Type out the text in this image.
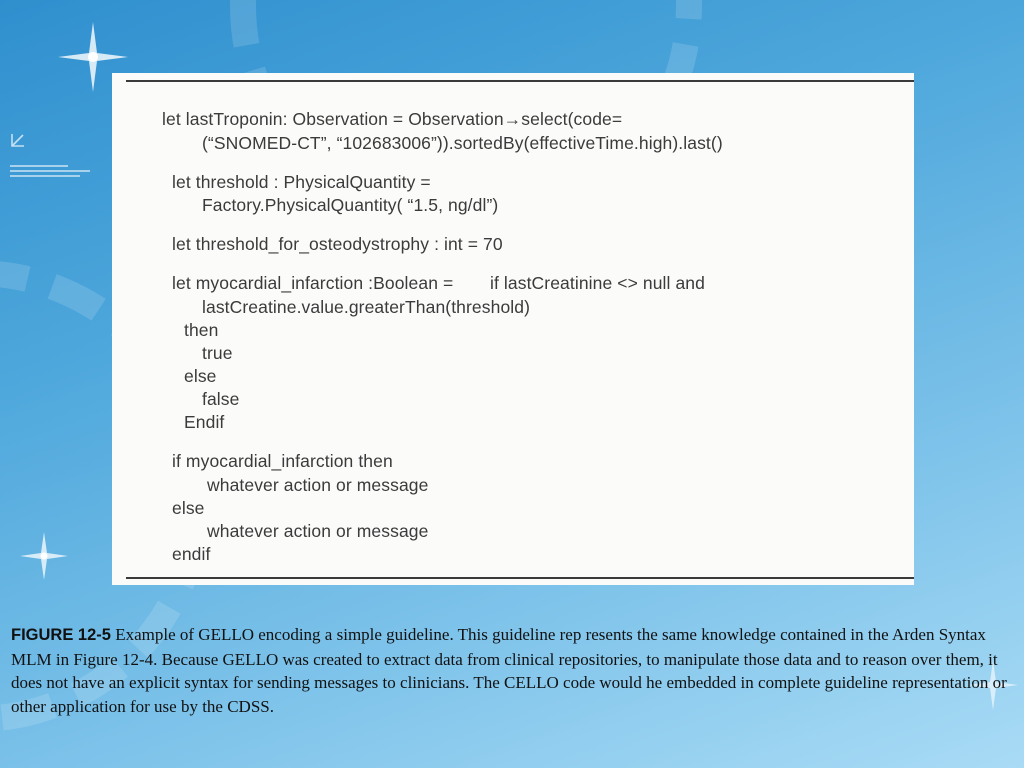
let lastTroponin: Observation = Observation→select(code=
(“SNOMED-CT”, “102683006”)).sortedBy(effectiveTime.high).last()
let threshold : PhysicalQuantity =
Factory.PhysicalQuantity( “1.5, ng/dl”)
let threshold_for_osteodystrophy : int = 70
let myocardial_infarction :Boolean = if lastCreatinine <> null and
lastCreatine.value.greaterThan(threshold)
then
true
else
false
Endif
if myocardial_infarction then
whatever action or message
else
whatever action or message
endif
FIGURE 12-5 Example of GELLO encoding a simple guideline. This guideline rep resents the same knowledge contained in the Arden Syntax MLM in Figure 12-4. Because GELLO was created to extract data from clinical repositories, to manipulate those data and to reason over them, it does not have an explicit syntax for sending messages to clinicians. The CELLO code would he embedded in complete guideline representation or other application for use by the CDSS.
